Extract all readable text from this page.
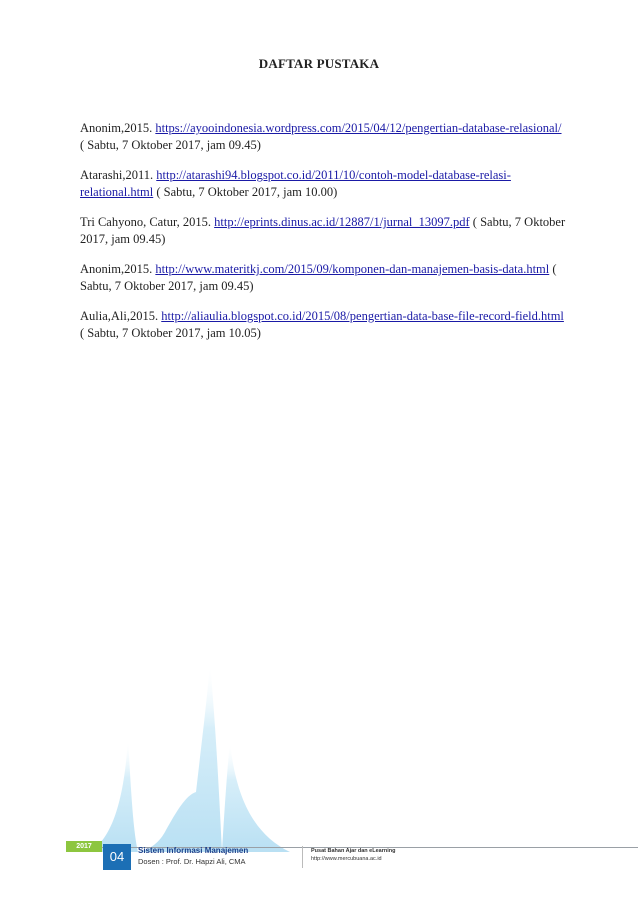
DAFTAR PUSTAKA

Anonim,2015. https://ayooindonesia.wordpress.com/2015/04/12/pengertian-database-relasional/ ( Sabtu, 7 Oktober 2017, jam 09.45)

Atarashi,2011. http://atarashi94.blogspot.co.id/2011/10/contoh-model-database-relasi-relational.html ( Sabtu, 7 Oktober 2017, jam 10.00)

Tri Cahyono, Catur, 2015. http://eprints.dinus.ac.id/12887/1/jurnal_13097.pdf ( Sabtu, 7 Oktober 2017, jam 09.45)

Anonim,2015. http://www.materitkj.com/2015/09/komponen-dan-manajemen-basis-data.html ( Sabtu, 7 Oktober 2017, jam 09.45)

Aulia,Ali,2015. http://aliaulia.blogspot.co.id/2015/08/pengertian-data-base-file-record-field.html ( Sabtu, 7 Oktober 2017, jam 10.05)

2017
04	Sistem Informasi Manajemen
Dosen : Prof. Dr. Hapzi Ali, CMA
Pusat Bahan Ajar dan eLearning
http://www.mercubuana.ac.id
